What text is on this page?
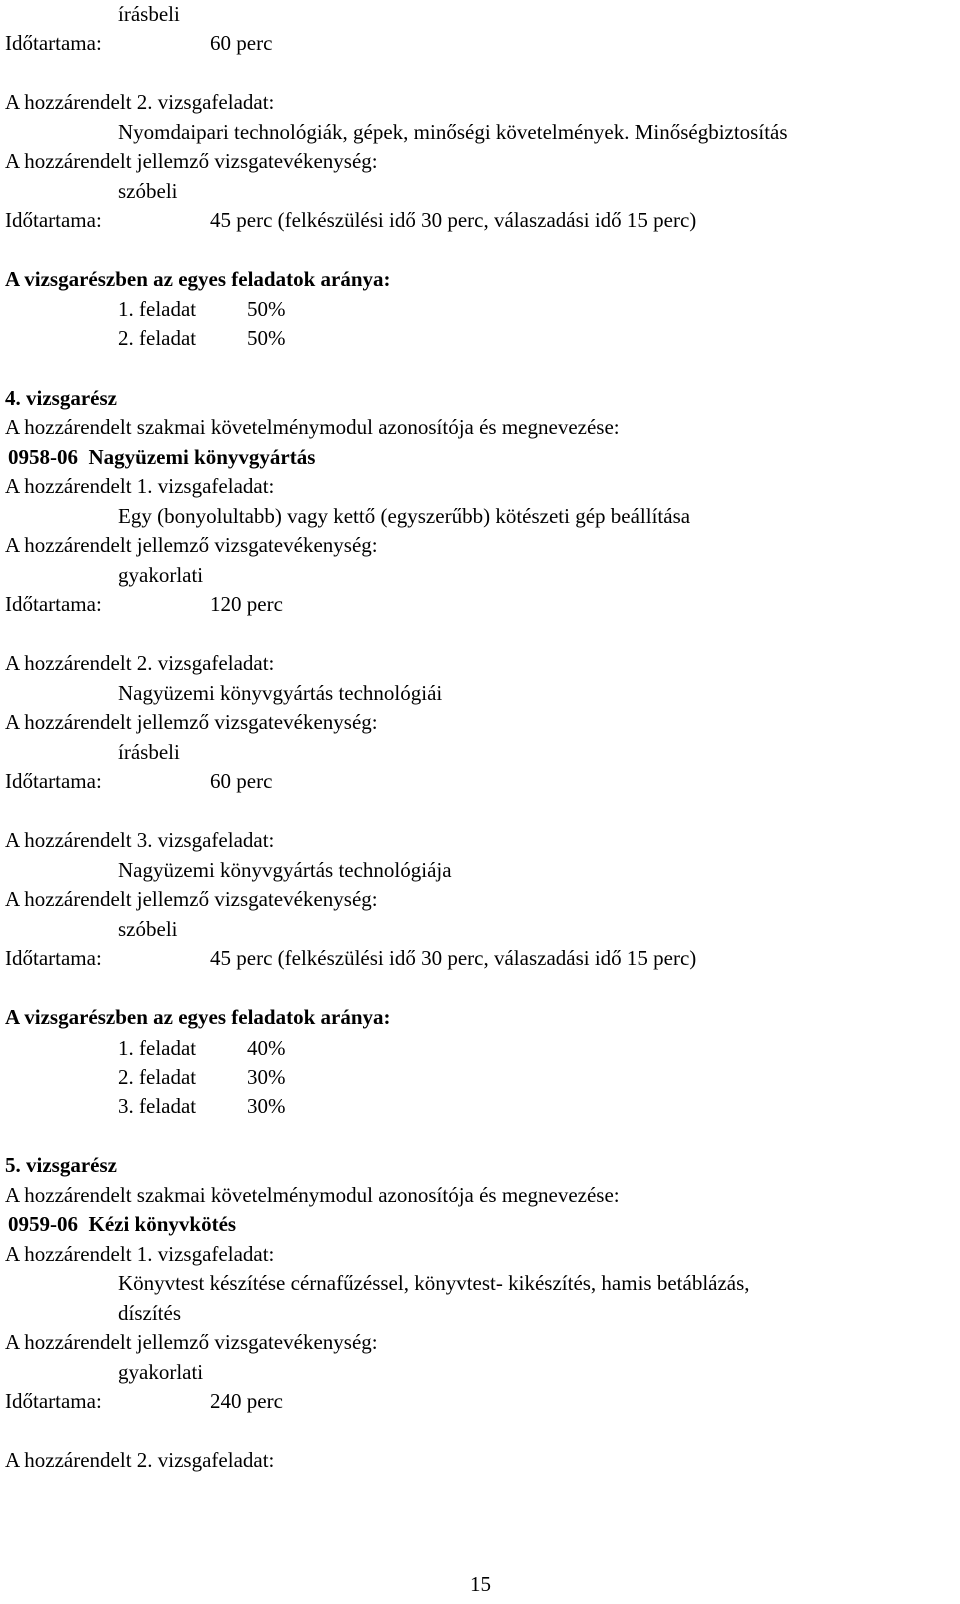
írásbeli
Időtartama:	60 perc
A hozzárendelt 2. vizsgafeladat:
Nyomdaipari technológiák, gépek, minőségi követelmények. Minőségbiztosítás
A hozzárendelt jellemző vizsgatevékenység:
szóbeli
Időtartama:	45 perc (felkészülési idő 30 perc, válaszadási idő 15 perc)
A vizsgarészben az egyes feladatok aránya:
1. feladat 50%
2. feladat 50%
4. vizsgarész
A hozzárendelt szakmai követelménymodul azonosítója és megnevezése:
0958-06  Nagyüzemi könyvgyártás
A hozzárendelt 1. vizsgafeladat:
Egy (bonyolultabb) vagy kettő (egyszerűbb) kötészeti gép beállítása
A hozzárendelt jellemző vizsgatevékenység:
gyakorlati
Időtartama:	120 perc
A hozzárendelt 2. vizsgafeladat:
Nagyüzemi könyvgyártás technológiái
A hozzárendelt jellemző vizsgatevékenység:
írásbeli
Időtartama:	60 perc
A hozzárendelt 3. vizsgafeladat:
Nagyüzemi könyvgyártás technológiája
A hozzárendelt jellemző vizsgatevékenység:
szóbeli
Időtartama:	45 perc (felkészülési idő 30 perc, válaszadási idő 15 perc)
A vizsgarészben az egyes feladatok aránya:
1. feladat 40%
2. feladat 30%
3. feladat 30%
5. vizsgarész
A hozzárendelt szakmai követelménymodul azonosítója és megnevezése:
0959-06  Kézi könyvkötés
A hozzárendelt 1. vizsgafeladat:
Könyvtest készítése cérnafűzéssel, könyvtest- kikészítés, hamis betáblázás,
díszítés
A hozzárendelt jellemző vizsgatevékenység:
gyakorlati
Időtartama:	240 perc
A hozzárendelt 2. vizsgafeladat:
15
